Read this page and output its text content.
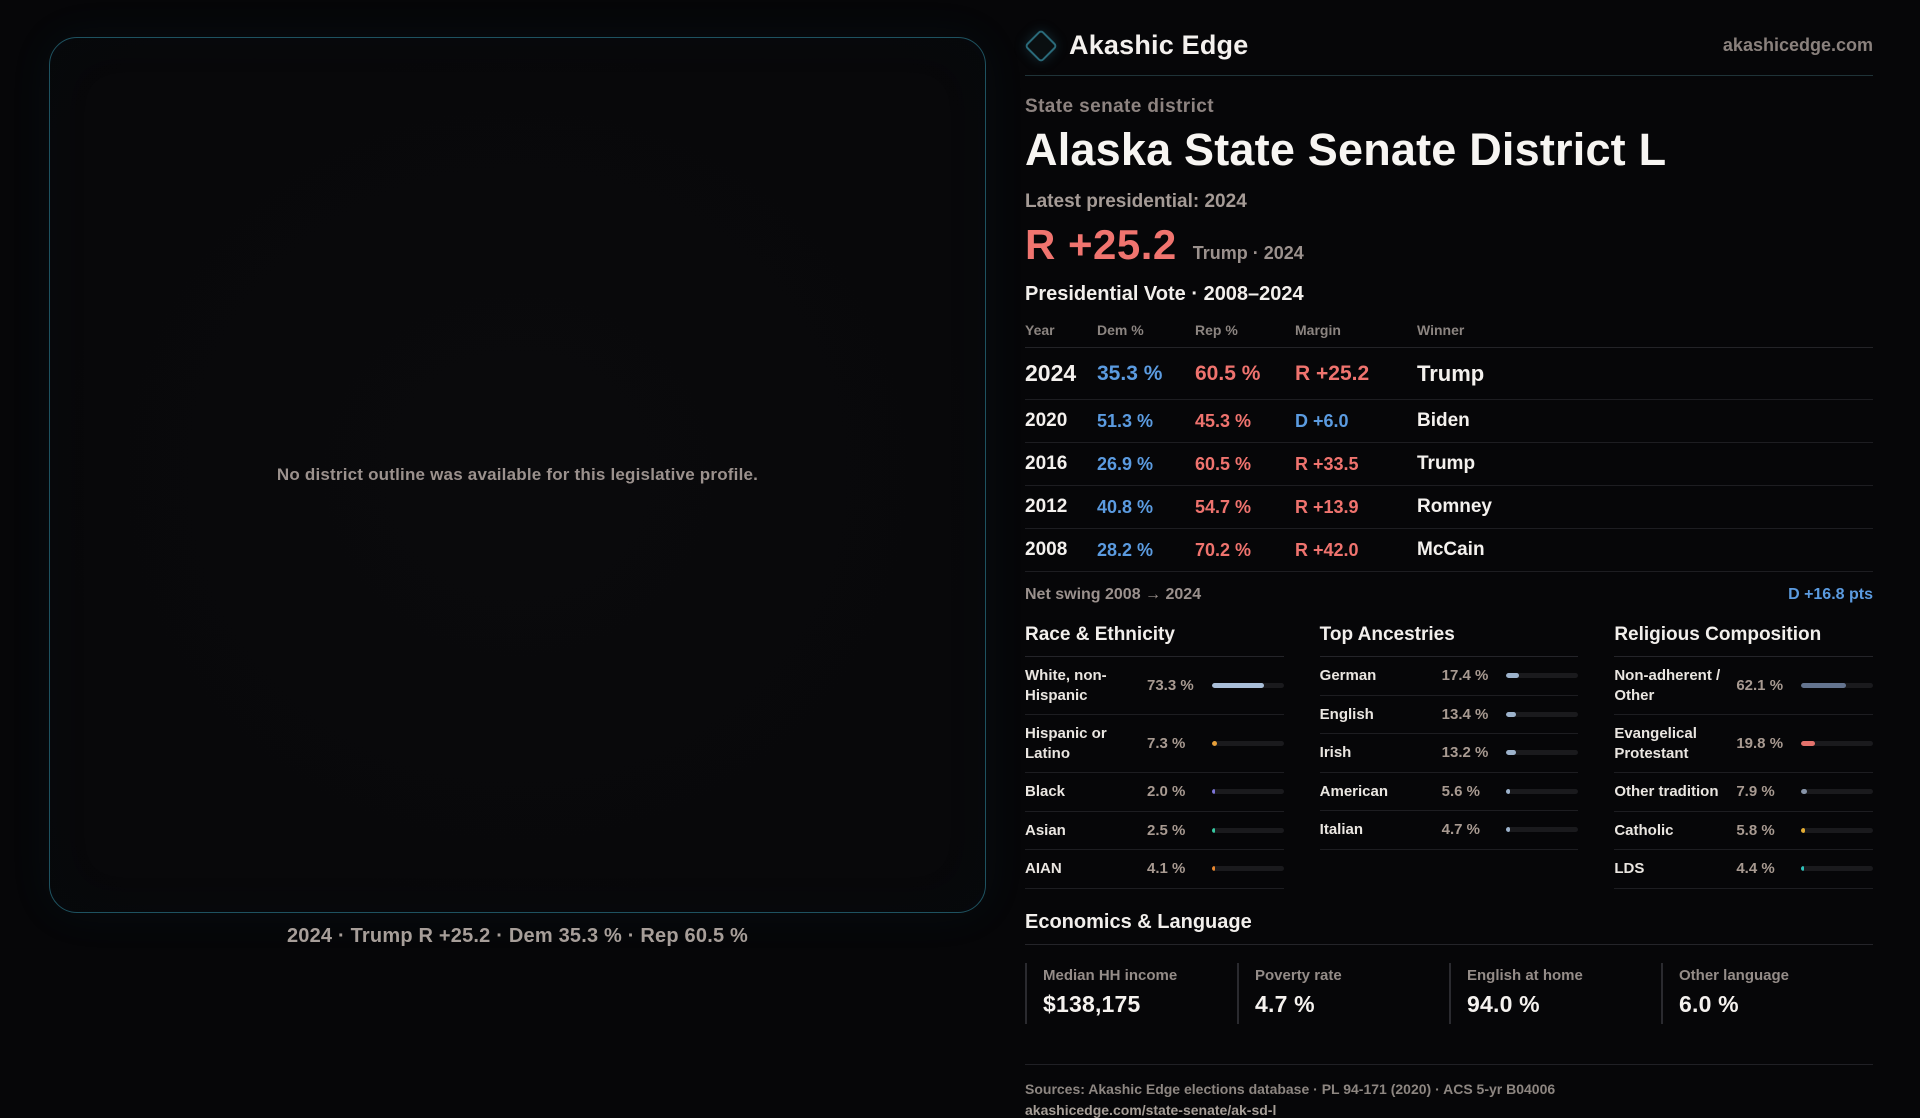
No district outline was available for this legislative profile.
2024 · Trump R +25.2 · Dem 35.3 % · Rep 60.5 %
Akashic Edge	akashicedge.com
State senate district
Alaska State Senate District L
Latest presidential: 2024
R +25.2 Trump · 2024
Presidential Vote · 2008–2024
Year	Dem %	Rep %	Margin	Winner
2024 35.3 %	60.5 %	R +25.2	Trump
2020	51.3 %	45.3 %	D +6.0	Biden
2016	26.9 %	60.5 %	R +33.5	Trump
2012	40.8 %	54.7 %	R +13.9	Romney
2008	28.2 %	70.2 %	R +42.0	McCain
Net swing 2008 → 2024	D +16.8 pts
Race & Ethnicity
White, non-Hispanic
73.3 %
Hispanic or Latino
7.3 %
Black	2.0 %
Asian	2.5 %
AIAN	4.1 %
Top Ancestries
German	17.4 %
English	13.4 %
Irish	13.2 %
American	5.6 %
Italian	4.7 %
Religious Composition
Non-adherent / Other
62.1 %
Evangelical Protestant
19.8 %
Other tradition	7.9 %
Catholic	5.8 %
LDS	4.4 %
Economics & Language
Median HH income
$138,175
Poverty rate
4.7 %
English at home
94.0 %
Other language
6.0 %
Sources: Akashic Edge elections database · PL 94-171 (2020) · ACS 5-yr B04006
akashicedge.com/state-senate/ak-sd-l
